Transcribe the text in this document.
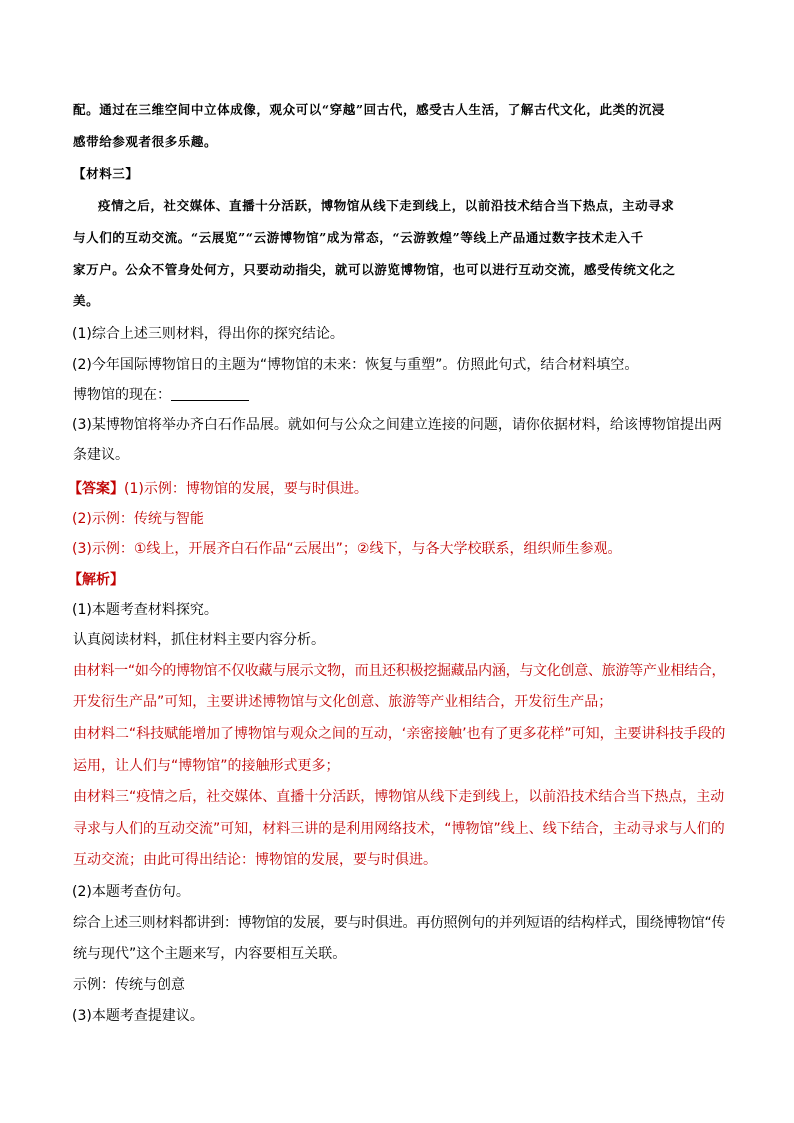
配。通过在三维空间中立体成像，观众可以“穿越”回古代，感受古人生活，了解古代文化，此类的沉浸
感带给参观者很多乐趣。
【材料三】
疫情之后，社交媒体、直播十分活跃，博物馆从线下走到线上，以前沿技术结合当下热点，主动寻求
与人们的互动交流。“云展览”“云游博物馆”成为常态，“云游敦煌”等线上产品通过数字技术走入千
家万户。公众不管身处何方，只要动动指尖，就可以游览博物馆，也可以进行互动交流，感受传统文化之
美。
(1)综合上述三则材料，得出你的探究结论。
(2)今年国际博物馆日的主题为“博物馆的未来：恢复与重塑”。仿照此句式，结合材料填空。
博物馆的现在：
(3)某博物馆将举办齐白石作品展。就如何与公众之间建立连接的问题，请你依据材料，给该博物馆提出两
条建议。
【答案】(1)示例：博物馆的发展，要与时俱进。
(2)示例：传统与智能
(3)示例：①线上，开展齐白石作品“云展出”；②线下，与各大学校联系，组织师生参观。
【解析】
(1)本题考查材料探究。
认真阅读材料，抓住材料主要内容分析。
由材料一“如今的博物馆不仅收藏与展示文物，而且还积极挖掘藏品内涵，与文化创意、旅游等产业相结合，
开发衍生产品”可知，主要讲述博物馆与文化创意、旅游等产业相结合，开发衍生产品；
由材料二“科技赋能增加了博物馆与观众之间的互动，‘亲密接触’也有了更多花样”可知，主要讲科技手段的
运用，让人们与“博物馆”的接触形式更多；
由材料三“疫情之后，社交媒体、直播十分活跃，博物馆从线下走到线上，以前沿技术结合当下热点，主动
寻求与人们的互动交流”可知，材料三讲的是利用网络技术，“博物馆”线上、线下结合，主动寻求与人们的
互动交流；由此可得出结论：博物馆的发展，要与时俱进。
(2)本题考查仿句。
综合上述三则材料都讲到：博物馆的发展，要与时俱进。再仿照例句的并列短语的结构样式，围绕博物馆“传
统与现代”这个主题来写，内容要相互关联。
示例：传统与创意
(3)本题考查提建议。
